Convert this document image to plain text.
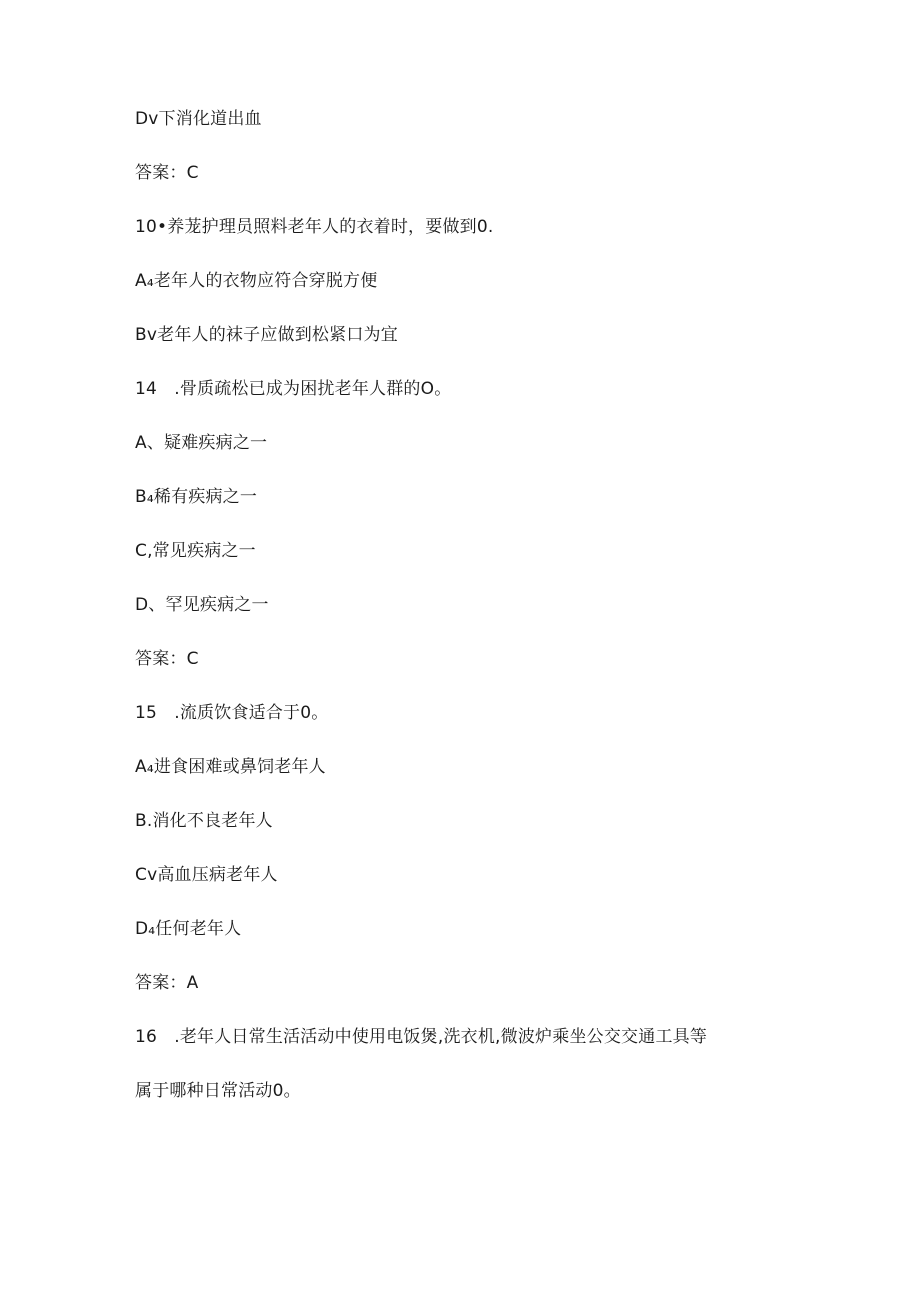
Dv下消化道出血

答案：C

10•养茏护理员照料老年人的衣着时，要做到0.

A₄老年人的衣物应符合穿脱方便

Bv老年人的袜子应做到松紧口为宜

14　.骨质疏松已成为困扰老年人群的O。

A、疑难疾病之一

B₄稀有疾病之一

C,常见疾病之一

D、罕见疾病之一

答案：C

15　.流质饮食适合于0。

A₄进食困难或鼻饲老年人

B.消化不良老年人

Cv高血压病老年人

D₄任何老年人

答案：A

16　.老年人日常生活活动中使用电饭煲,洗衣机,微波炉乘坐公交交通工具等

属于哪种日常活动0。
